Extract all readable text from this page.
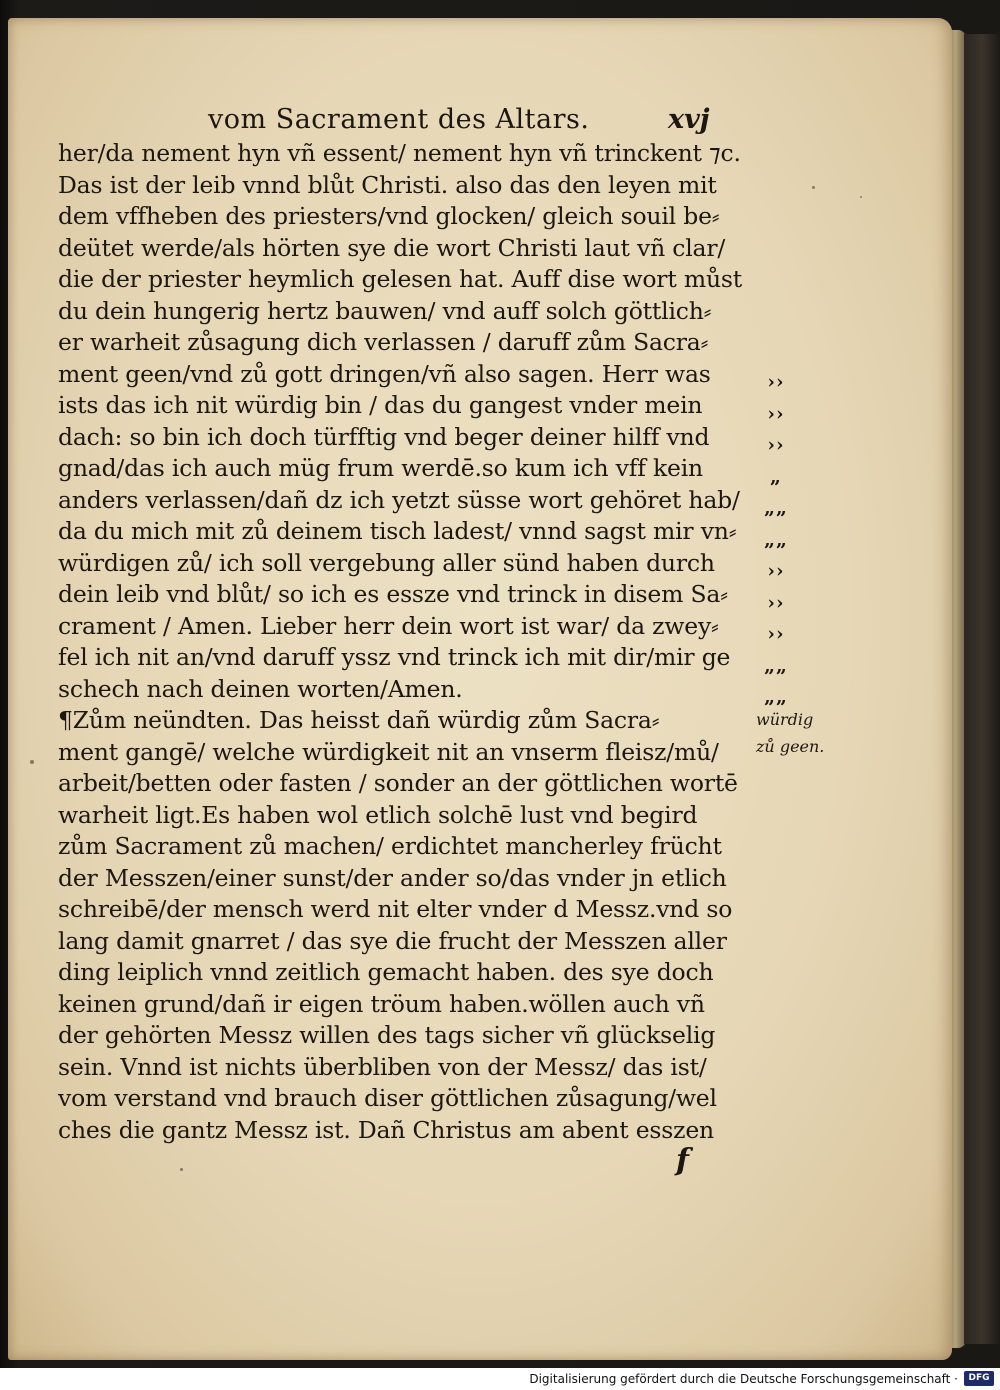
vom Sacrament des Altars.	xvj
her/da nement hyn vñ essent/ nement hyn vñ trinckent ⁊c.
Das ist der leib vnnd blůt Christi. also das den leyen mit
dem vffheben des priesters/vnd glocken/ gleich souil be⸗
deütet werde/als hörten sye die wort Christi laut vñ clar/
die der priester heymlich gelesen hat. Auff dise wort můst
du dein hungerig hertz bauwen/ vnd auff solch göttlich⸗
er warheit zůsagung dich verlassen / daruff zům Sacra⸗
ment geen/vnd zů gott dringen/vñ also sagen. Herr was
ists das ich nit würdig bin / das du gangest vnder mein
dach: so bin ich doch türfftig vnd beger deiner hilff vnd
gnad/das ich auch müg frum werdē.so kum ich vff kein
anders verlassen/dañ dz ich yetzt süsse wort gehöret hab/
da du mich mit zů deinem tisch ladest/ vnnd sagst mir vn⸗
würdigen zů/ ich soll vergebung aller sünd haben durch
dein leib vnd blůt/ so ich es essze vnd trinck in disem Sa⸗
crament / Amen. Lieber herr dein wort ist war/ da zwey⸗
fel ich nit an/vnd daruff yssz vnd trinck ich mit dir/mir ge
schech nach deinen worten/Amen.
¶Zům neündten. Das heisst dañ würdig zům Sacra⸗
ment gangē/ welche würdigkeit nit an vnserm fleisz/mů/
arbeit/betten oder fasten / sonder an der göttlichen wortē
warheit ligt.Es haben wol etlich solchē lust vnd begird
zům Sacrament zů machen/ erdichtet mancherley frücht
der Messzen/einer sunst/der ander so/das vnder jn etlich
schreibē/der mensch werd nit elter vnder d Messz.vnd so
lang damit gnarret / das sye die frucht der Messzen aller
ding leiplich vnnd zeitlich gemacht haben. des sye doch
keinen grund/dañ ir eigen tröum haben.wöllen auch vñ
der gehörten Messz willen des tags sicher vñ glückselig
sein. Vnnd ist nichts überbliben von der Messz/ das ist/
vom verstand vnd brauch diser göttlichen zůsagung/wel
ches die gantz Messz ist. Dañ Christus am abent esszen
››
››
››
„
„„
„„
››
››
››
„„
„„
würdig
zů geen.
f
Digitalisierung gefördert durch die Deutsche Forschungsgemeinschaft ·	DFG
